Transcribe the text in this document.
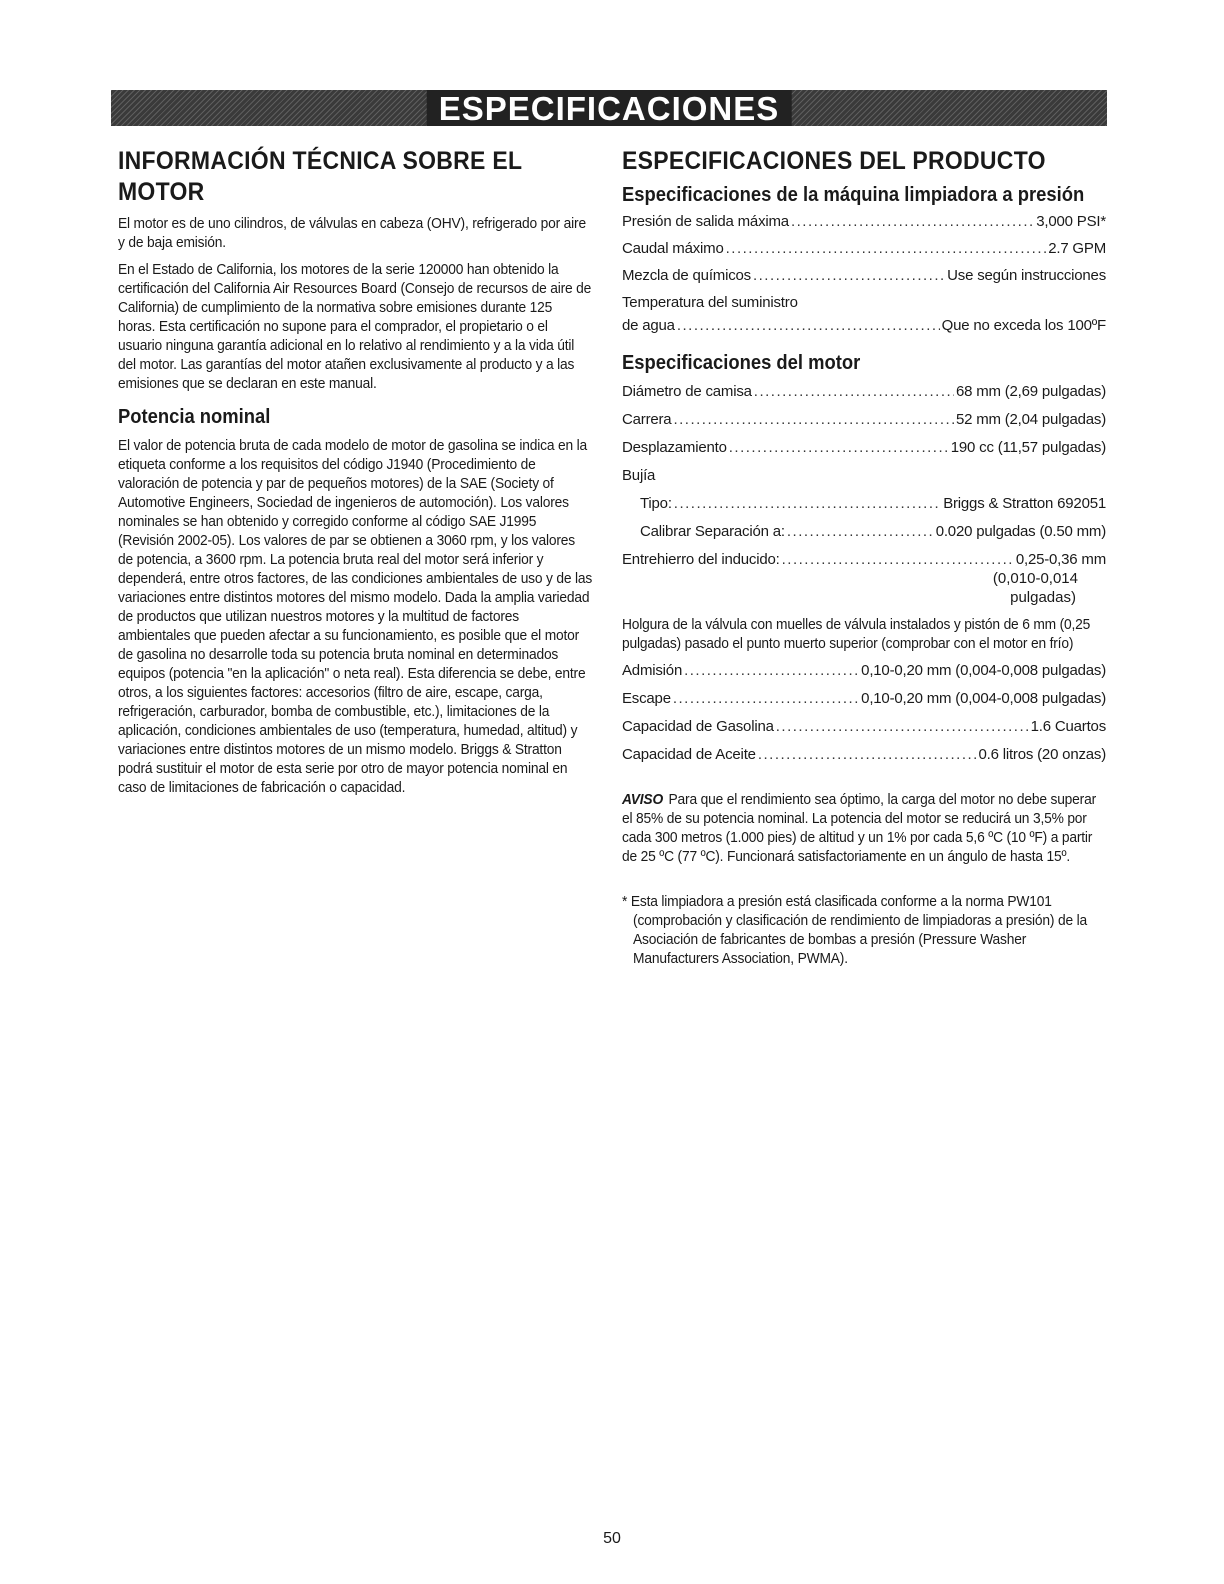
ESPECIFICACIONES
INFORMACIÓN TÉCNICA SOBRE EL MOTOR

El motor es de uno cilindros, de válvulas en cabeza (OHV), refrigerado por aire y de baja emisión.

En el Estado de California, los motores de la serie 120000 han obtenido la certificación del California Air Resources Board (Consejo de recursos de aire de California) de cumplimiento de la normativa sobre emisiones durante 125 horas. Esta certificación no supone para el comprador, el propietario o el usuario ninguna garantía adicional en lo relativo al rendimiento y a la vida útil del motor. Las garantías del motor atañen exclusivamente al producto y a las emisiones que se declaran en este manual.

Potencia nominal

El valor de potencia bruta de cada modelo de motor de gasolina se indica en la etiqueta conforme a los requisitos del código J1940 (Procedimiento de valoración de potencia y par de pequeños motores) de la SAE (Society of Automotive Engineers, Sociedad de ingenieros de automoción). Los valores nominales se han obtenido y corregido conforme al código SAE J1995 (Revisión 2002-05). Los valores de par se obtienen a 3060 rpm, y los valores de potencia, a 3600 rpm. La potencia bruta real del motor será inferior y dependerá, entre otros factores, de las condiciones ambientales de uso y de las variaciones entre distintos motores del mismo modelo. Dada la amplia variedad de productos que utilizan nuestros motores y la multitud de factores ambientales que pueden afectar a su funcionamiento, es posible que el motor de gasolina no desarrolle toda su potencia bruta nominal en determinados equipos (potencia "en la aplicación" o neta real). Esta diferencia se debe, entre otros, a los siguientes factores: accesorios (filtro de aire, escape, carga, refrigeración, carburador, bomba de combustible, etc.), limitaciones de la aplicación, condiciones ambientales de uso (temperatura, humedad, altitud) y variaciones entre distintos motores de un mismo modelo. Briggs & Stratton podrá sustituir el motor de esta serie por otro de mayor potencia nominal en caso de limitaciones de fabricación o capacidad.

ESPECIFICACIONES DEL PRODUCTO
Especificaciones de la máquina limpiadora a presión
Presión de salida máxima .....	3,000 PSI*
Caudal máximo .....	2.7 GPM
Mezcla de químicos .....	Use según instrucciones
Temperatura del suministro
de agua .....	Que no exceda los 100ºF
Especificaciones del motor
Diámetro de camisa .....	68 mm (2,69 pulgadas)
Carrera .....	52 mm (2,04 pulgadas)
Desplazamiento .....	190 cc (11,57 pulgadas)
Bujía
Tipo: .....	Briggs & Stratton 692051
Calibrar Separación a: .....	0.020 pulgadas (0.50 mm)
Entrehierro del inducido: .....	0,25-0,36 mm
(0,010-0,014
pulgadas)

Holgura de la válvula con muelles de válvula instalados y pistón de 6 mm (0,25 pulgadas) pasado el punto muerto superior (comprobar con el motor en frío)

Admisión .....	0,10-0,20 mm (0,004-0,008 pulgadas)
Escape .....	0,10-0,20 mm (0,004-0,008 pulgadas)
Capacidad de Gasolina .....	1.6 Cuartos
Capacidad de Aceite .....	0.6 litros (20 onzas)

AVISO Para que el rendimiento sea óptimo, la carga del motor no debe superar el 85% de su potencia nominal. La potencia del motor se reducirá un 3,5% por cada 300 metros (1.000 pies) de altitud y un 1% por cada 5,6 ºC (10 ºF) a partir de 25 ºC (77 ºC). Funcionará satisfactoriamente en un ángulo de hasta 15º.

* Esta limpiadora a presión está clasificada conforme a la norma PW101 (comprobación y clasificación de rendimiento de limpiadoras a presión) de la Asociación de fabricantes de bombas a presión (Pressure Washer Manufacturers Association, PWMA).

50
